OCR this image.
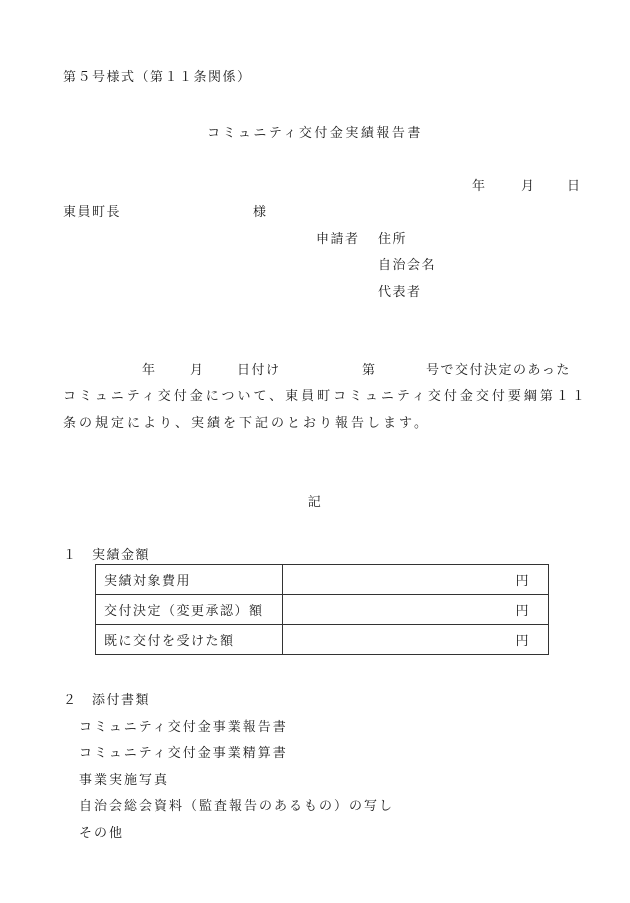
第５号様式（第１１条関係）
コミュニティ交付金実績報告書
年	月 日
東員町長	様
申請者 住所
自治会名
代表者
年	月 日付け	第	号で交付決定のあった
コミュニティ交付金について、東員町コミュニティ交付金交付要綱第１１
条の規定により、実績を下記のとおり報告します。
記
１　実績金額
実績対象費用	円
交付決定（変更承認）額	円
既に交付を受けた額	円
２　添付書類
コミュニティ交付金事業報告書
コミュニティ交付金事業精算書
事業実施写真
自治会総会資料（監査報告のあるもの）の写し
その他
